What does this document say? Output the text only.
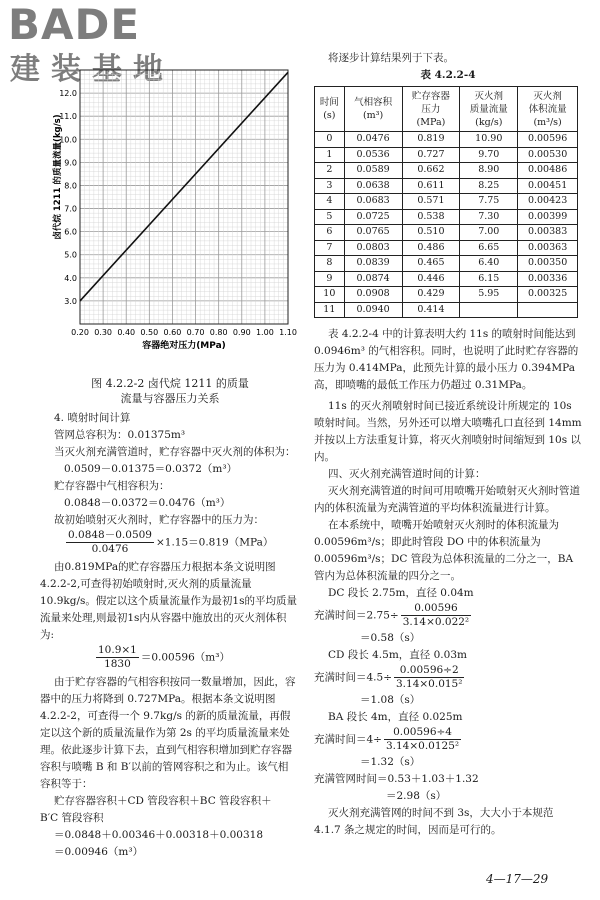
BADE
建装基地
3.0
4.0
5.0
6.0
7.0
8.0
9.0
10.0
11.0
12.0
0.20 0.30 0.40 0.50 0.60 0.70 0.80 0.90 1.00 1.10
容器绝对压力(MPa)
卤代烷 1211 的质量流量(kg/s)
图 4.2.2-2 卤代烷 1211 的质量
流量与容器压力关系
4. 喷射时间计算
管网总容积为：0.01375m³
当灭火剂充满管道时，贮存容器中灭火剂的体积为：
0.0509－0.01375＝0.0372（m³）
贮存容器中气相容积为：
0.0848－0.0372＝0.0476（m³）
故初始喷射灭火剂时，贮存容器中的压力为：
$\frac{0.0848-0.0509}{0.0476} \times 1.15=0.819(MPa)$
由0.819MPa的贮存容器压力根据本条文说明图4.2.2-2,可查得初始喷射时,灭火剂的质量流量10.9kg/s。假定以这个质量流量作为最初1s的平均质量流量来处理,则最初1s内从容器中施放出的灭火剂体积为:
$\frac{10.9\times 1}{1830} =0.00596(m^3)$
由于贮存容器的气相容积按同一数量增加，因此，容器中的压力将降到 0.727MPa。根据本条文说明图 4.2.2-2，可查得一个 9.7kg/s 的新的质量流量，再假定以这个新的质量流量作为第 2s 的平均质量流量来处理。依此逐步计算下去，直到气相容积增加到贮存容器容积与喷嘴 B 和 B′以前的管网容积之和为止。该气相容积等于：
贮存容器容积＋CD 管段容积＋BC 管段容积＋
B′C 管段容积
＝0.0848＋0.00346＋0.00318＋0.00318
＝0.00946（m³）
将逐步计算结果列于下表。
表 4.2.2-4
时间
(s)	气相容积
(m³)	贮存容器
压力
(MPa)	灭火剂
质量流量
(kg/s)	灭火剂
体积流量
(m³/s)
0	0.0476	0.819	10.90	0.00596
1	0.0536	0.727	9.70	0.00530
2	0.0589	0.662	8.90	0.00486
3	0.0638	0.611	8.25	0.00451
4	0.0683	0.571	7.75	0.00423
5	0.0725	0.538	7.30	0.00399
6	0.0765	0.510	7.00	0.00383
7	0.0803	0.486	6.65	0.00363
8	0.0839	0.465	6.40	0.00350
9	0.0874	0.446	6.15	0.00336
10	0.0908	0.429	5.95	0.00325
11	0.0940	0.414		
表 4.2.2-4 中的计算表明大约 11s 的喷射时间能达到 0.0946m³ 的气相容积。同时，也说明了此时贮存容器的压力为 0.414MPa，此预先计算的最小压力 0.394MPa 高，即喷嘴的最低工作压力仍超过 0.31MPa。
11s 的灭火剂喷射时间已接近系统设计所规定的 10s 喷射时间。当然，另外还可以增大喷嘴孔口直径到 14mm 并按以上方法重复计算，将灭火剂喷射时间缩短到 10s 以内。
四、灭火剂充满管道时间的计算：
灭火剂充满管道的时间可用喷嘴开始喷射灭火剂时管道内的体积流量为充满管道的平均体积流量进行计算。
在本系统中，喷嘴开始喷射灭火剂时的体积流量为 0.00596m³/s；即此时管段 DO 中的体积流量为 0.00596m³/s；DC 管段为总体积流量的二分之一，BA 管内为总体积流量的四分之一。
DC 段长 2.75m，直径 0.04m
充满时间$=2.75\div \frac{0.00596}{\text{3.14×0.022²}}$
＝0.58（s）
CD 段长 4.5m，直径 0.03m
充满时间$=4.5\div \frac{0.00596\div 2}{\text{3.14×0.015²}}$
＝1.08（s）
BA 段长 4m，直径 0.025m
充满时间$=4\div \frac{0.00596\div 4}{\text{3.14×0.0125²}}$
＝1.32（s）
充满管网时间＝0.53＋1.03＋1.32
＝2.98（s）
灭火剂充满管网的时间不到 3s，大大小于本规范 4.1.7 条之规定的时间，因而是可行的。
4—17—29
